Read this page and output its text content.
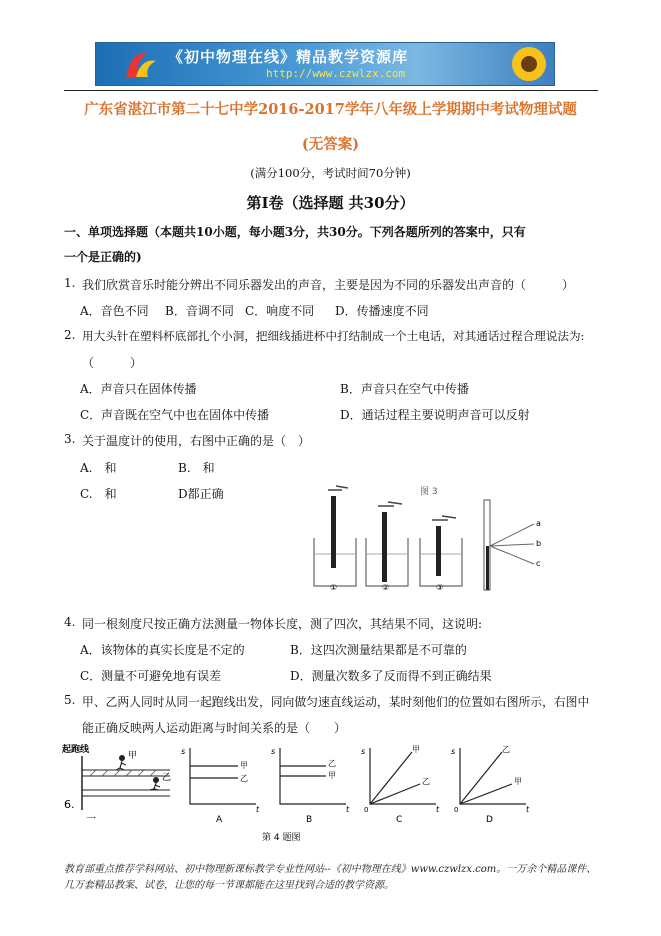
《初中物理在线》精品教学资源库
http://www.czwlzx.com
广东省湛江市第二十七中学2016-2017学年八年级上学期期中考试物理试题
(无答案)
(满分100分，考试时间70分钟)
第Ⅰ卷（选择题 共30分）
一、单项选择题（本题共10小题，每小题3分，共30分。下列各题所列的答案中，只有
一个是正确的)
1. 我们欣赏音乐时能分辨出不同乐器发出的声音，主要是因为不同的乐器发出声音的（　　　）
A．音色不同 B．音调不同 C．响度不同 D．传播速度不同
2. 用大头针在塑料杯底部扎个小洞，把细线插进杯中打结制成一个土电话，对其通话过程合理说法为:
（　　　）
A．声音只在固体传播	B．声音只在空气中传播
C．声音既在空气中也在固体中传播	D．通话过程主要说明声音可以反射
3. 关于温度计的使用，右图中正确的是（　）
A.　和	B.　和
C.　和	D都正确	图 3
①	②	③
a
b
c
4. 同一根刻度尺按正确方法测量一物体长度，测了四次，其结果不同，这说明:
A．该物体的真实长度是不定的	B．这四次测量结果都是不可靠的
C．测量不可避免地有误差	D．测量次数多了反而得不到正确结果
5. 甲、乙两人同时从同一起跑线出发，同向做匀速直线运动，某时刻他们的位置如右图所示，右图中
能正确反映两人运动距离与时间关系的是（　　）
起跑线
甲
乙
6.
一
s
t
甲
乙
A
s
t
乙
甲
B
s
t
0
甲
乙
C
s
t
0
乙
甲
D
第 4 题图
教育部重点推荐学科网站、初中物理新课标教学专业性网站--《初中物理在线》www.czwlzx.com。一万余个精品课件、
几万套精品教案、试卷，让您的每一节课都能在这里找到合适的教学资源。
